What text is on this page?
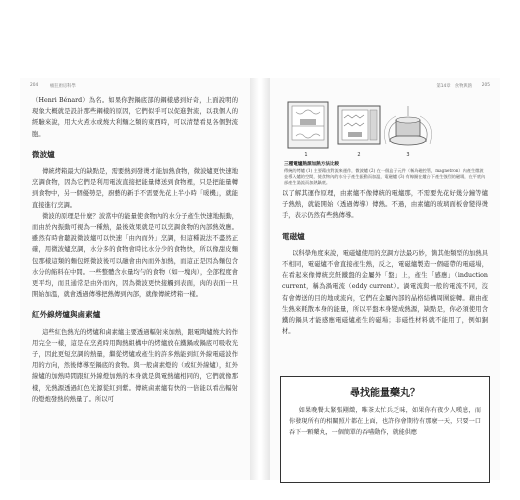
204	瘋狂廚房科學

（Henri Bénard）為名。如果你對鍋底部的鋼樣感到好奇，上面說明的現象大概就是設計那些鋼樣的原因，它們似乎可以促進對流，以我個人的經驗來說，用大火煮水或燒大利麵之類的東西時，可以清楚看見各個對流胞。

微波爐

傳統烤箱最大的缺點是，需要熱到發燙才能加熱食物，微波爐更快速地烹調食物，因為它們是利用電波直接把能量傳送到食物裡，只是把能量轉到食物中，另一個優勢是，廚藝的新手不需要先花上半小時「暖機」，就能直接進行烹調。

微波的原理是什麼？波當中的能量使食物內的水分子產生快速地振動，而由於內振動可視為一種熱，最後效果就是可以烹調食物的內部熱效應。雖然有時會聽說微波爐可以快速「由內而外」烹調，但這種說法不盡然正確，用微波爐烹調，水分多的食物會時比水分少的食物快，所以像甜皮麵包那樣這類的麵包經微波後可以融會由內而外加熱，而這正是因為麵包含水分的餡料在中間。一些整體含水量均勻的食物（如一塊肉），全部程度會更平均，而且通常是由外而內，因為微波更快接觸到表面，肉的表面一旦開始加溫，就會透過傳導把熱傳到內部，就像傳統烤箱一樣。

紅外線烤爐與鹵素爐

這些紅色熱光的烤爐和鹵素爐主要透過輻射來加熱，跟電陶爐燒大的作用完全一樣，這是在烹煮時用陶熱組構中的烤爐放在鐵鍋或鍋底可吸收光子，因此更短烹調的熱量，繼從烤爐或產生的許多熱能到紅外線電磁波作用的方向，然後傳導至鍋底的食物。與一般鹵素燈的（或紅外線爐），紅外線爐的加熱時間跟紅外線燈加熱的本身就是與電熱爐相同的，它們就像那樣，光熱源透過紅色光源從紅到紫。傳統鹵素爐有快的一倍能以看出輻射的燈炮發熱的熱量了。所以可

第14章　食物與熱 205
1	2	3
三種電爐熱源加熱方法比較
傳統的烤爐 (1) 主要藉由對流來運作，微波爐 (2) 在一個盒子元件（稱為磁控管，magnetron）內產生微波並導入爐的空間，使食物內的水分子產生振動而加溫，電磁爐 (3) 有線圈在爐台下產生強烈的磁場，在平底內部產生渦流而加熱鍋底。

以了解其運作原理，由素爐不像傳統的電爐那，不需要先花好幾分鐘等爐子熱熱，就能開始（透過傳導）傳熱。不過，由素爐的玻璃面板會變得燙手，表示仍然有些熱傳導。

電磁爐

以科學角度來說，電磁爐使用的烹調方法最巧妙，箇其他類型的加熱具不相同，電磁爐不會直接產生熱，反之，電磁爐製造一個磁帶的電磁場，在看起來像傳統烹飪鐵盤的金屬外「盤」上，產生「感應」（induction current，稱為渦電流（eddy current）。渦電流與一般的電流不同，沒有會傳送的目的地或流向，它們在金屬內部的晶格結構周圍旋轉。藉由產生熱來耗散本身的能量，所以平盤本身變成熱源，缺點是，你必須使用含鐵的鍋具才能感應電磁爐產生的磁場；非磁性材料就不能用了，例如銅材。

尋找能量藥丸？
如果晚餐太緊張剛緻，唯茶太忙兵乏味，如果你有夜少人嘆息，而你發現所有的相關照片都在上面，也許你會期待有那麼一天，只要一口吞下一顆藥丸，一個簡單的吞嚥動作，就能供應
